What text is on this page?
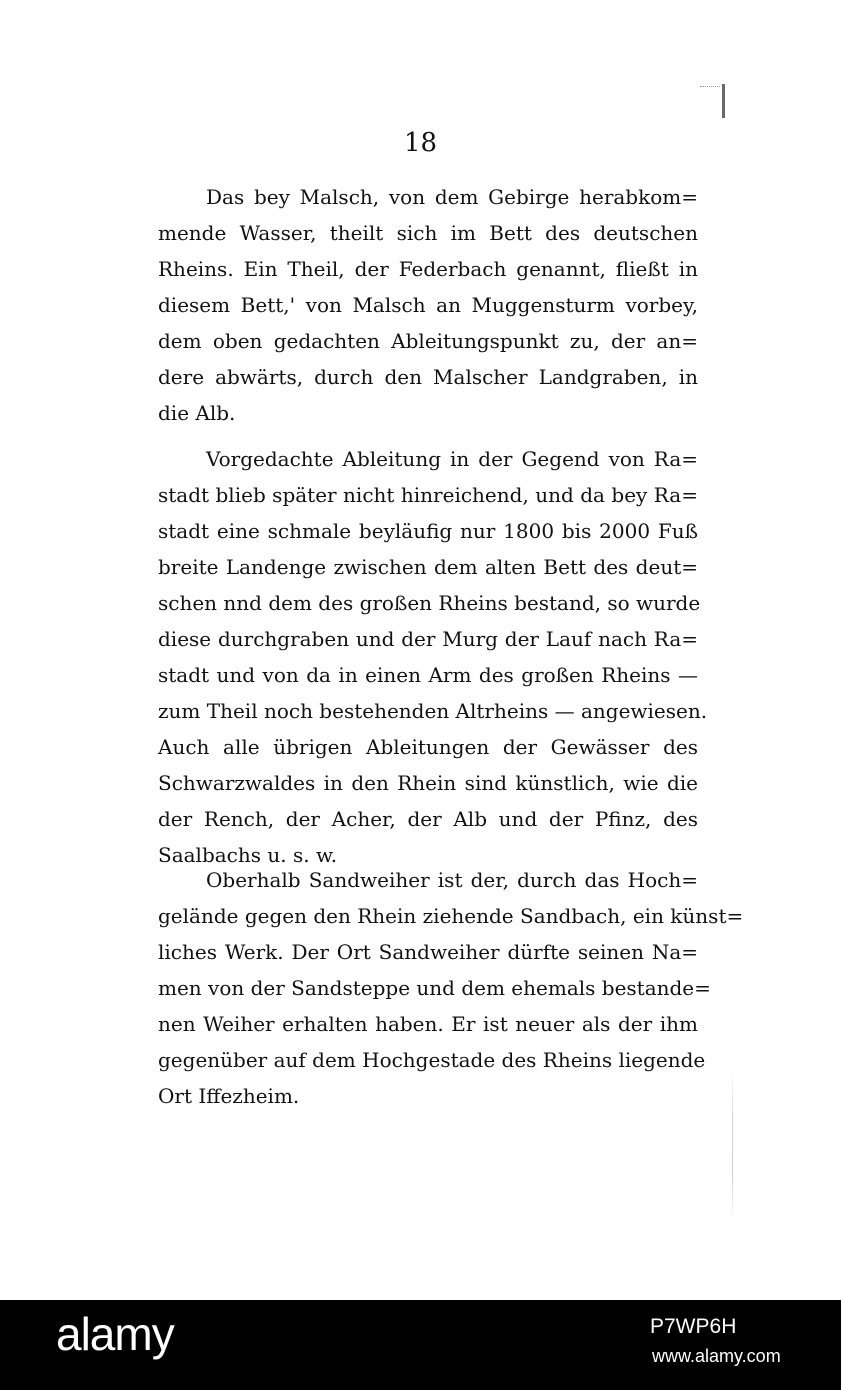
18

Das bey Malsch, von dem Gebirge herabkom=
mende Wasser, theilt sich im Bett des deutschen
Rheins. Ein Theil, der Federbach genannt, fließt in
diesem Bett,' von Malsch an Muggensturm vorbey,
dem oben gedachten Ableitungspunkt zu, der an=
dere abwärts, durch den Malscher Landgraben, in
die Alb.

Vorgedachte Ableitung in der Gegend von Ra=
stadt blieb später nicht hinreichend, und da bey Ra=
stadt eine schmale beyläufig nur 1800 bis 2000 Fuß
breite Landenge zwischen dem alten Bett des deut=
schen nnd dem des großen Rheins bestand, so wurde
diese durchgraben und der Murg der Lauf nach Ra=
stadt und von da in einen Arm des großen Rheins —
zum Theil noch bestehenden Altrheins — angewiesen.
Auch alle übrigen Ableitungen der Gewässer des
Schwarzwaldes in den Rhein sind künstlich, wie die
der Rench, der Acher, der Alb und der Pfinz, des
Saalbachs u. s. w.

Oberhalb Sandweiher ist der, durch das Hoch=
gelände gegen den Rhein ziehende Sandbach, ein künst=
liches Werk. Der Ort Sandweiher dürfte seinen Na=
men von der Sandsteppe und dem ehemals bestande=
nen Weiher erhalten haben. Er ist neuer als der ihm
gegenüber auf dem Hochgestade des Rheins liegende
Ort Iffezheim.

alamy	P7WP6H
www.alamy.com
